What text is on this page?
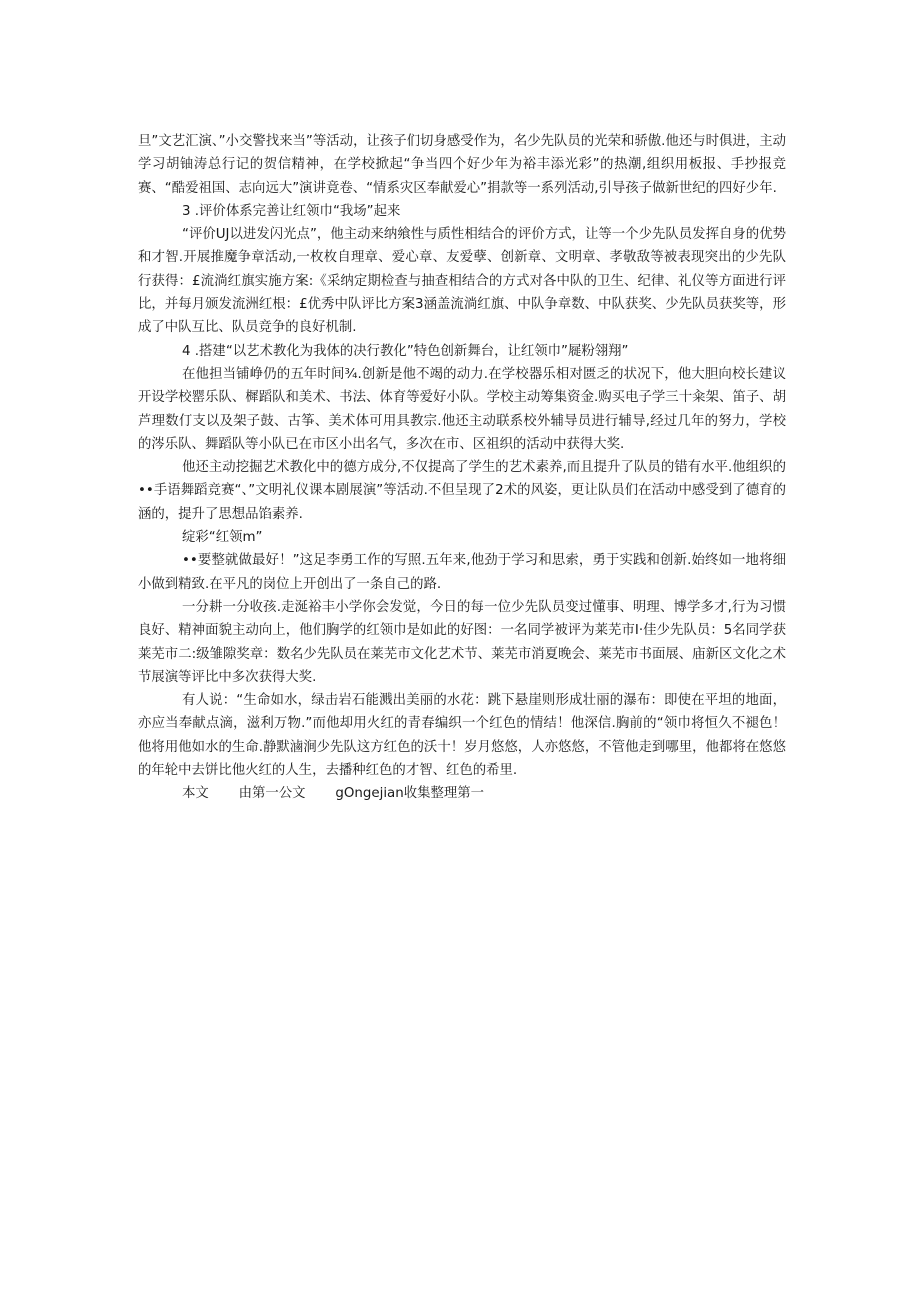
旦”文艺汇演、”小交警找来当”等活动，让孩子们切身感受作为，名少先队员的光荣和骄傲.他还与时俱进，主动学习胡铀涛总行记的贺信精神，在学校掀起“争当四个好少年为裕丰添光彩”的热潮,组织用板报、手抄报竞赛、“酷爱祖国、志向远大”演讲竟卷、“情系灾区奉献爱心”捐款等一系列活动,引导孩子做新世纪的四好少年.

3 .评价体系完善让红领巾“我场”起来

“评价UJ以进发闪光点”，他主动来纳飨性与质性相结合的评价方式，让等一个少先队员发挥自身的优势和才智.开展推魔争章活动,一枚枚自理章、爱心章、友爱孽、创新章、文明章、孝敬敌等被表现突出的少先队行获得：£流淌红旗实施方案:《采纳定期检查与抽查相结合的方式对各中队的卫生、纪律、礼仪等方面进行评比，并每月颁发流洲红根：£优秀中队评比方案3涵盖流淌红旗、中队争章数、中队获奖、少先队员获奖等，形成了中队互比、队员竞争的良好机制.

4 .搭建“以艺术教化为我体的决行教化”特色创新舞台，让红领巾”屣粉翎翔”

在他担当铺峥仍的五年时间¾.创新是他不竭的动力.在学校器乐相对匮乏的状况下，他大胆向校长建议开设学校罂乐队、樨蹈队和美术、书法、体育等爱好小队。学校主动筹集资金.购买电子学三十籴架、笛子、胡芦理数仃支以及架子鼓、古筝、美术体可用具教宗.他还主动联系校外辅导员进行辅导,经过几年的努力，学校的涔乐队、舞蹈队等小队已在市区小出名气，多次在市、区祖织的活动中获得大奖.

他还主动挖掘艺术教化中的德方成分,不仅提高了学生的艺术素养,而且提升了队员的错有水平.他组织的••手语舞蹈竞赛“、”文明礼仪课本剧展演”等活动.不但呈现了2术的风姿，更让队员们在活动中感受到了德育的涵的，提升了思想品馅素养.

绽彩“红领m”

••要整就做最好！”这足李勇工作的写照.五年来,他劲于学习和思索，勇于实践和创新.始终如一地将细小做到精致.在平凡的岗位上开创出了一条自己的路.

一分耕一分收孩.走涎裕丰小学你会发觉，今日的每一位少先队员变过懂事、明理、博学多才,行为习惯良好、精神面貌主动向上，他们胸学的红领巾是如此的好图：一名同学被评为莱芜市I·佳少先队员：5名同学获莱芜市二:级雏隙奖章：数名少先队员在莱芜市文化艺术节、莱芜市消夏晚会、莱芜市书面展、庙新区文化之术节展演等评比中多次获得大奖.

有人说：“生命如水，绿击岩石能溅出美丽的水花：跳下悬崖则形成壮丽的瀑布：即使在平坦的地面，亦应当奉献点滴，滋利万物.”而他却用火红的青春编织一个红色的情结！他深信.胸前的“领巾将恒久不褪色！他将用他如水的生命.静默滷涧少先队这方红色的沃十！岁月悠悠，人亦悠悠，不管他走到哪里，他都将在悠悠的年轮中去饼比他火红的人生，去播种红色的才智、红色的希里.

本文 由第一公文 gOngejian收集整理第一
